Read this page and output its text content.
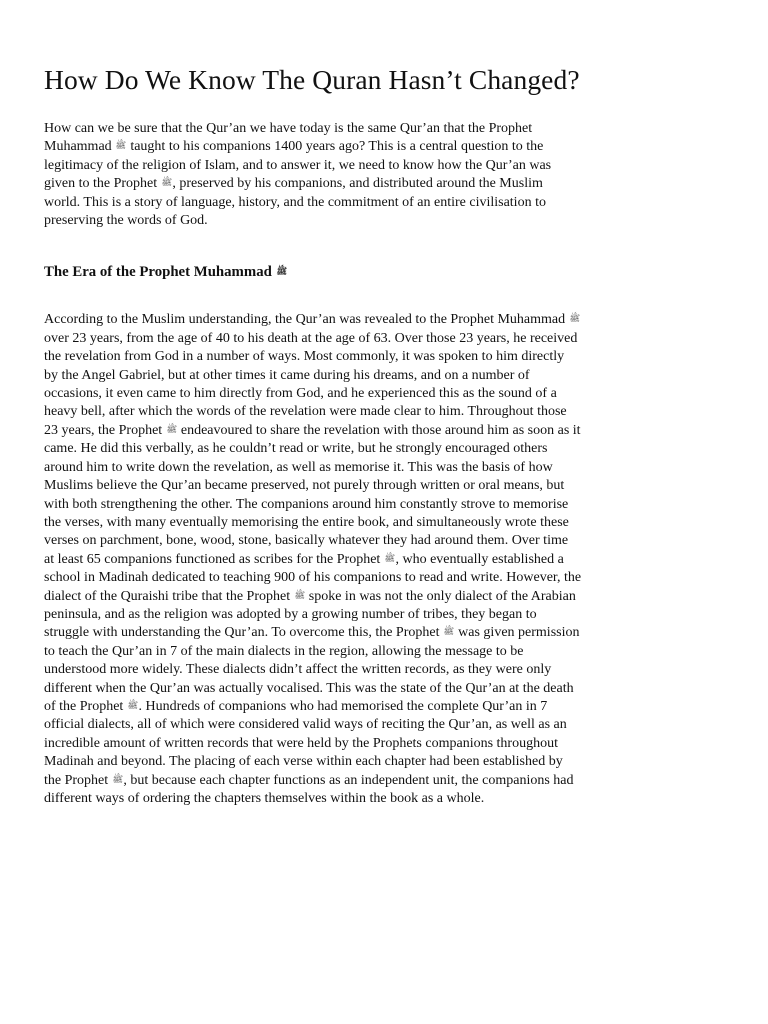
How Do We Know The Quran Hasn’t Changed?

How can we be sure that the Qur’an we have today is the same Qur’an that the Prophet
Muhammad ﷺ taught to his companions 1400 years ago? This is a central question to the
legitimacy of the religion of Islam, and to answer it, we need to know how the Qur’an was
given to the Prophet ﷺ, preserved by his companions, and distributed around the Muslim
world. This is a story of language, history, and the commitment of an entire civilisation to
preserving the words of God.

The Era of the Prophet Muhammad ﷺ

According to the Muslim understanding, the Qur’an was revealed to the Prophet Muhammad ﷺ
over 23 years, from the age of 40 to his death at the age of 63. Over those 23 years, he received
the revelation from God in a number of ways. Most commonly, it was spoken to him directly
by the Angel Gabriel, but at other times it came during his dreams, and on a number of
occasions, it even came to him directly from God, and he experienced this as the sound of a
heavy bell, after which the words of the revelation were made clear to him. Throughout those
23 years, the Prophet ﷺ endeavoured to share the revelation with those around him as soon as it
came. He did this verbally, as he couldn’t read or write, but he strongly encouraged others
around him to write down the revelation, as well as memorise it. This was the basis of how
Muslims believe the Qur’an became preserved, not purely through written or oral means, but
with both strengthening the other. The companions around him constantly strove to memorise
the verses, with many eventually memorising the entire book, and simultaneously wrote these
verses on parchment, bone, wood, stone, basically whatever they had around them. Over time
at least 65 companions functioned as scribes for the Prophet ﷺ, who eventually established a
school in Madinah dedicated to teaching 900 of his companions to read and write. However, the
dialect of the Quraishi tribe that the Prophet ﷺ spoke in was not the only dialect of the Arabian
peninsula, and as the religion was adopted by a growing number of tribes, they began to
struggle with understanding the Qur’an. To overcome this, the Prophet ﷺ was given permission
to teach the Qur’an in 7 of the main dialects in the region, allowing the message to be
understood more widely. These dialects didn’t affect the written records, as they were only
different when the Qur’an was actually vocalised. This was the state of the Qur’an at the death
of the Prophet ﷺ. Hundreds of companions who had memorised the complete Qur’an in 7
official dialects, all of which were considered valid ways of reciting the Qur’an, as well as an
incredible amount of written records that were held by the Prophets companions throughout
Madinah and beyond. The placing of each verse within each chapter had been established by
the Prophet ﷺ, but because each chapter functions as an independent unit, the companions had
different ways of ordering the chapters themselves within the book as a whole.
